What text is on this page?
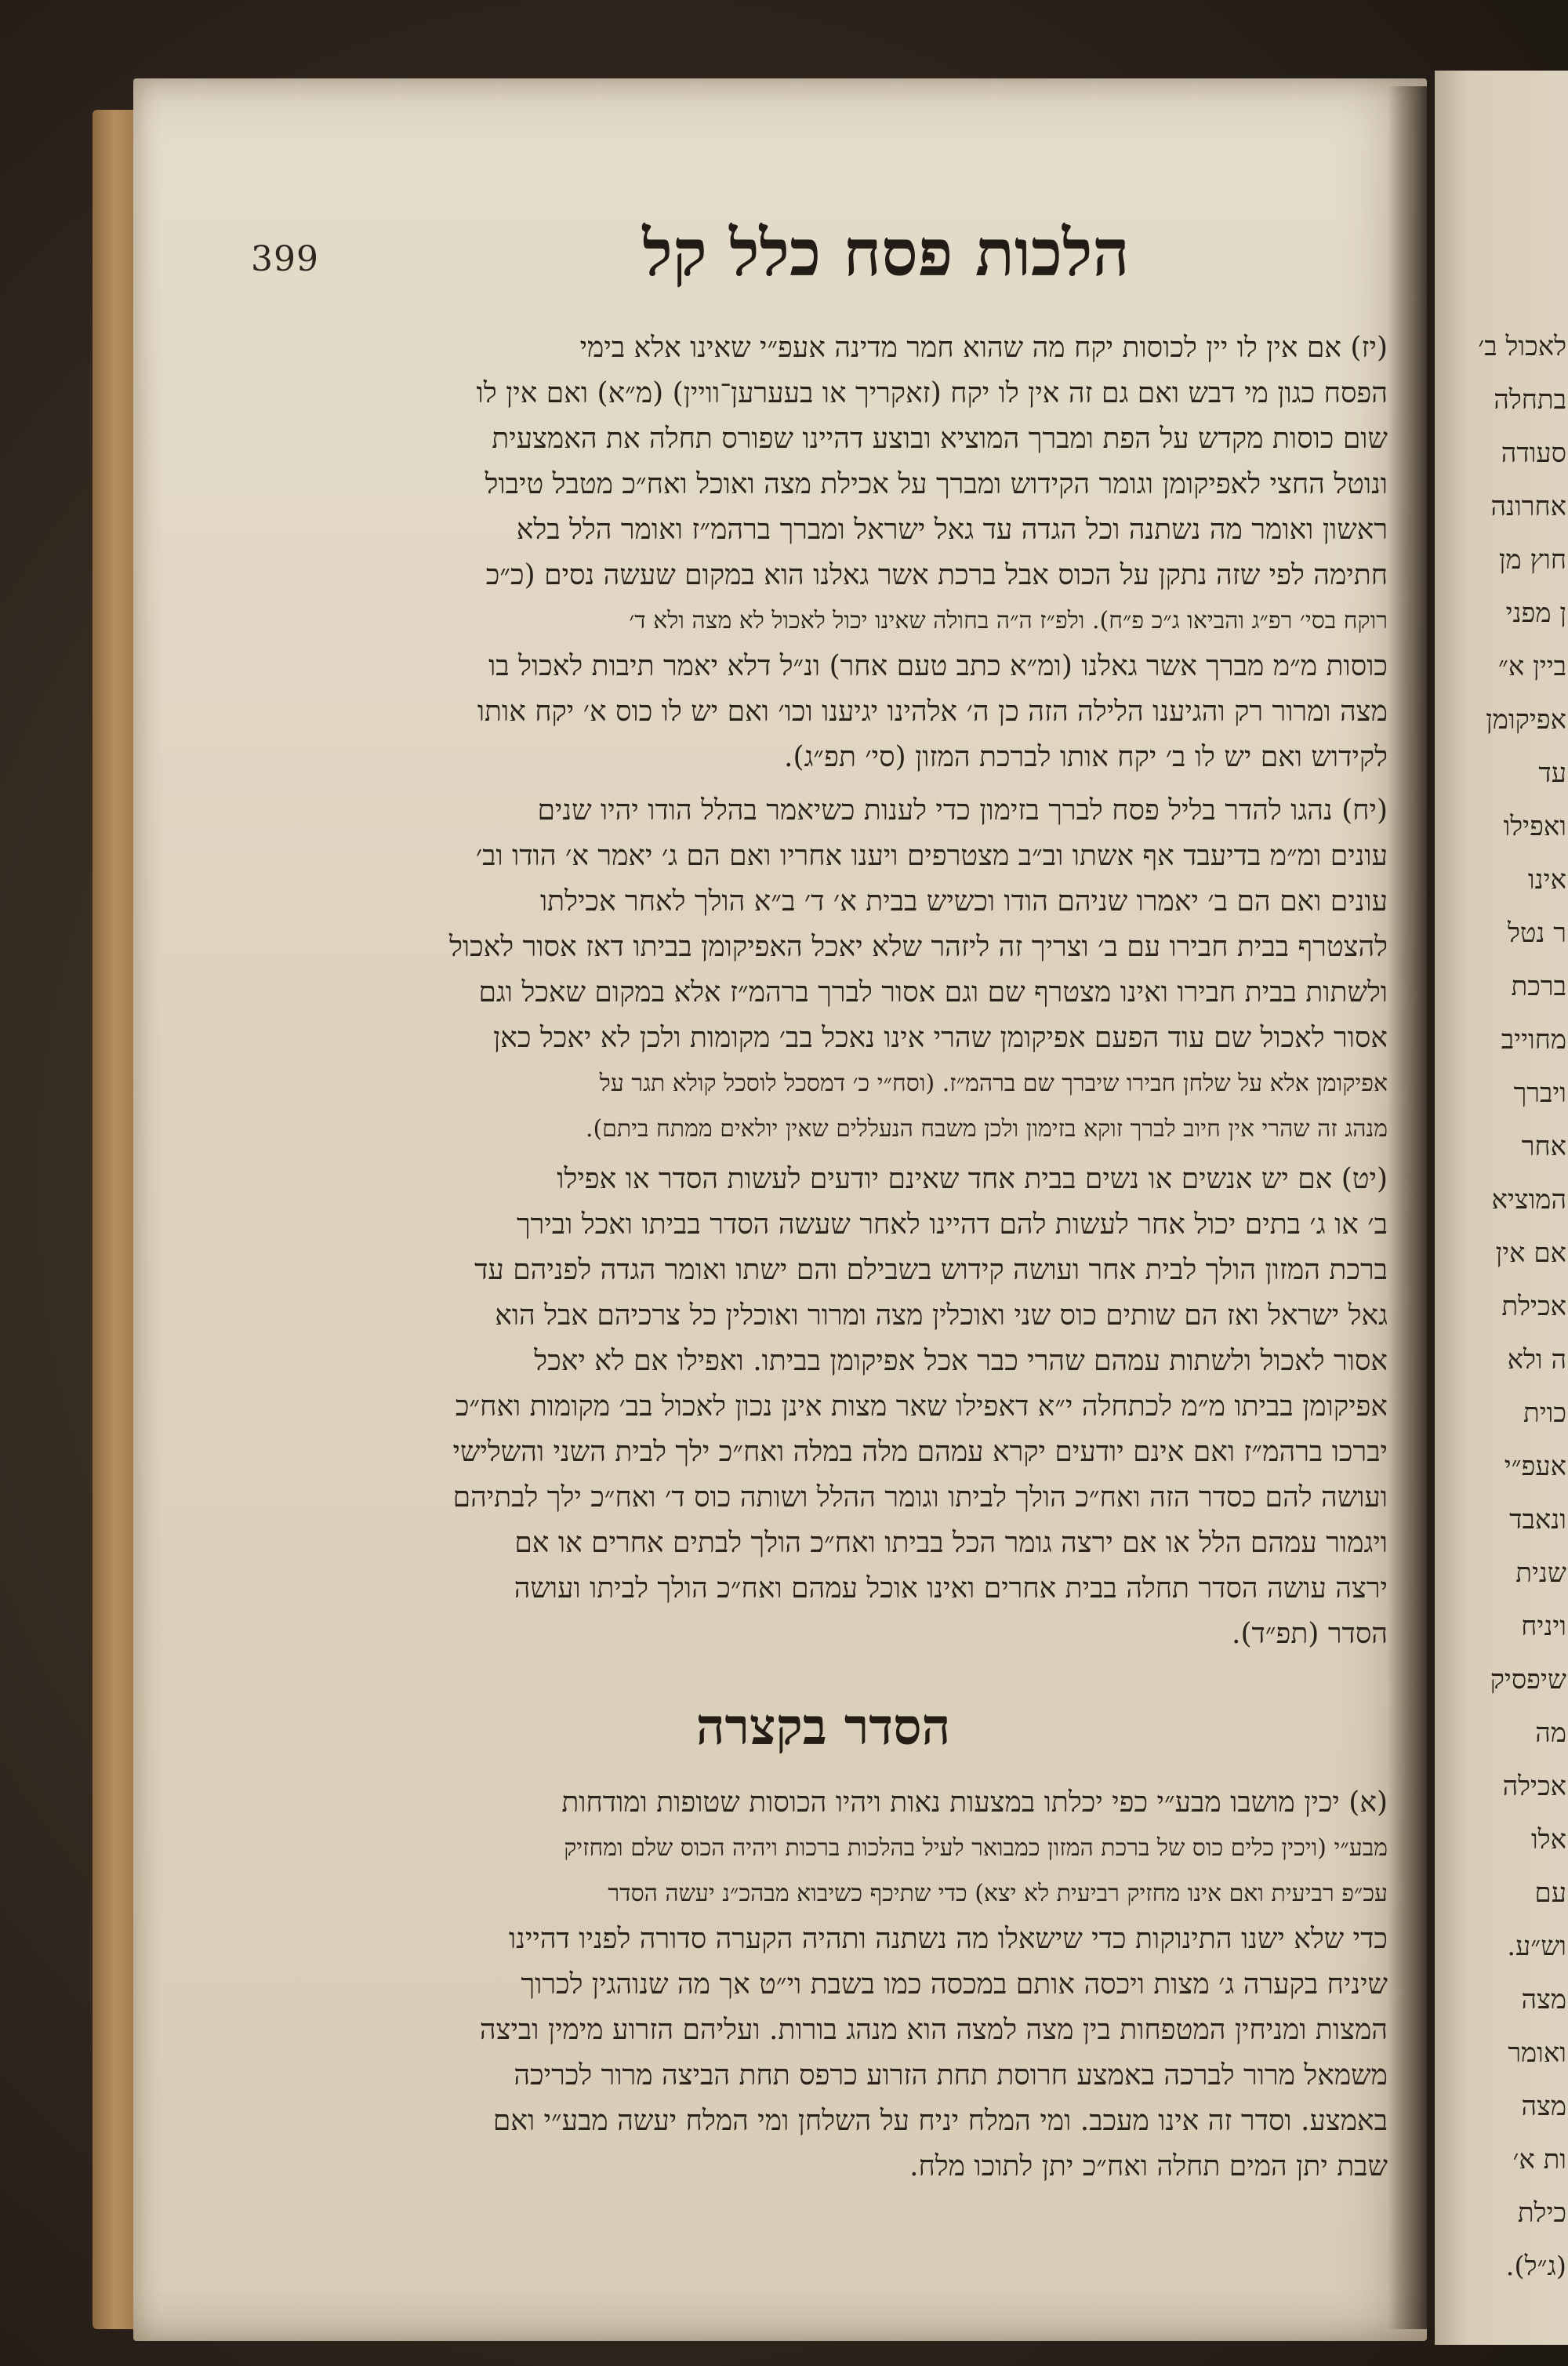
לאכול ב׳
בתחלה
סעודה
אחרונה
חוץ מן
ן מפני
ביין א״
אפיקומן
עד
ואפילו
אינו
ר נטל
ברכת
מחוייב
ויברך
אחר
המוציא
אם אין
אכילת
ה ולא
כוית
אעפ״י
ונאבד
שנית
ויניח
שיפסיק
מה
אכילה
אלו
עם
וש״ע.
מצה
ואומר
מצה
ות א׳
כילת
(ג״ל).
399	הלכות פסח כלל קל
(יז) אם אין לו יין לכוסות יקח מה שהוא חמר מדינה אעפ״י שאינו אלא בימי
הפסח כגון מי דבש ואם גם זה אין לו יקח (זאקריך או בעערען־וויין) (מ״א) ואם אין לו
שום כוסות מקדש על הפת ומברך המוציא ובוצע דהיינו שפורס תחלה את האמצעית
ונוטל החצי לאפיקומן וגומר הקידוש ומברך על אכילת מצה ואוכל ואח״כ מטבל טיבול
ראשון ואומר מה נשתנה וכל הגדה עד גאל ישראל ומברך ברהמ״ז ואומר הלל בלא
חתימה לפי שזה נתקן על הכוס אבל ברכת אשר גאלנו הוא במקום שעשה נסים (כ״כ
רוקח בסי׳ רפ״ג והביאו ג״כ פ״ח). ולפ״ז ה״ה בחולה שאינו יכול לאכול לא מצה ולא ד׳
כוסות מ״מ מברך אשר גאלנו (ומ״א כתב טעם אחר) ונ״ל דלא יאמר תיבות לאכול בו
מצה ומרור רק והגיענו הלילה הזה כן ה׳ אלהינו יגיענו וכו׳ ואם יש לו כוס א׳ יקח אותו
לקידוש ואם יש לו ב׳ יקח אותו לברכת המזון (סי׳ תפ״ג).
(יח) נהגו להדר בליל פסח לברך בזימון כדי לענות כשיאמר בהלל הודו יהיו שנים
עונים ומ״מ בדיעבד אף אשתו וב״ב מצטרפים ויענו אחריו ואם הם ג׳ יאמר א׳ הודו וב׳
עונים ואם הם ב׳ יאמרו שניהם הודו וכשיש בבית א׳ ד׳ ב״א הולך לאחר אכילתו
להצטרף בבית חבירו עם ב׳ וצריך זה ליזהר שלא יאכל האפיקומן בביתו דאז אסור לאכול
ולשתות בבית חבירו ואינו מצטרף שם וגם אסור לברך ברהמ״ז אלא במקום שאכל וגם
אסור לאכול שם עוד הפעם אפיקומן שהרי אינו נאכל בב׳ מקומות ולכן לא יאכל כאן
אפיקומן אלא על שלחן חבירו שיברך שם ברהמ״ז. (וסח״י כ׳ דמסכל לוסכל קולא תגר על
מנהג זה שהרי אין חיוב לברך זוקא בזימון ולכן משבח הנעללים שאין יולאים ממתח ביתם).
(יט) אם יש אנשים או נשים בבית אחד שאינם יודעים לעשות הסדר או אפילו
ב׳ או ג׳ בתים יכול אחר לעשות להם דהיינו לאחר שעשה הסדר בביתו ואכל ובירך
ברכת המזון הולך לבית אחר ועושה קידוש בשבילם והם ישתו ואומר הגדה לפניהם עד
גאל ישראל ואז הם שותים כוס שני ואוכלין מצה ומרור ואוכלין כל צרכיהם אבל הוא
אסור לאכול ולשתות עמהם שהרי כבר אכל אפיקומן בביתו. ואפילו אם לא יאכל
אפיקומן בביתו מ״מ לכתחלה י״א דאפילו שאר מצות אינן נכון לאכול בב׳ מקומות ואח״כ
יברכו ברהמ״ז ואם אינם יודעים יקרא עמהם מלה במלה ואח״כ ילך לבית השני והשלישי
ועושה להם כסדר הזה ואח״כ הולך לביתו וגומר ההלל ושותה כוס ד׳ ואח״כ ילך לבתיהם
ויגמור עמהם הלל או אם ירצה גומר הכל בביתו ואח״כ הולך לבתים אחרים או אם
ירצה עושה הסדר תחלה בבית אחרים ואינו אוכל עמהם ואח״כ הולך לביתו ועושה
הסדר (תפ״ד).
הסדר בקצרה
(א) יכין מושבו מבע״י כפי יכלתו במצעות נאות ויהיו הכוסות שטופות ומודחות
מבע״י (ויכין כלים כוס של ברכת המזון כמבואר לעיל בהלכות ברכות ויהיה הכוס שלם ומחזיק
עכ״פ רביעית ואם אינו מחזיק רביעית לא יצא) כדי שתיכף כשיבוא מבהכ״נ יעשה הסדר
כדי שלא ישנו התינוקות כדי שישאלו מה נשתנה ותהיה הקערה סדורה לפניו דהיינו
שיניח בקערה ג׳ מצות ויכסה אותם במכסה כמו בשבת וי״ט אך מה שנוהגין לכרוך
המצות ומניחין המטפחות בין מצה למצה הוא מנהג בורות. ועליהם הזרוע מימין וביצה
משמאל מרור לברכה באמצע חרוסת תחת הזרוע כרפס תחת הביצה מרור לכריכה
באמצע. וסדר זה אינו מעכב. ומי המלח יניח על השלחן ומי המלח יעשה מבע״י ואם
שבת יתן המים תחלה ואח״כ יתן לתוכו מלח.
